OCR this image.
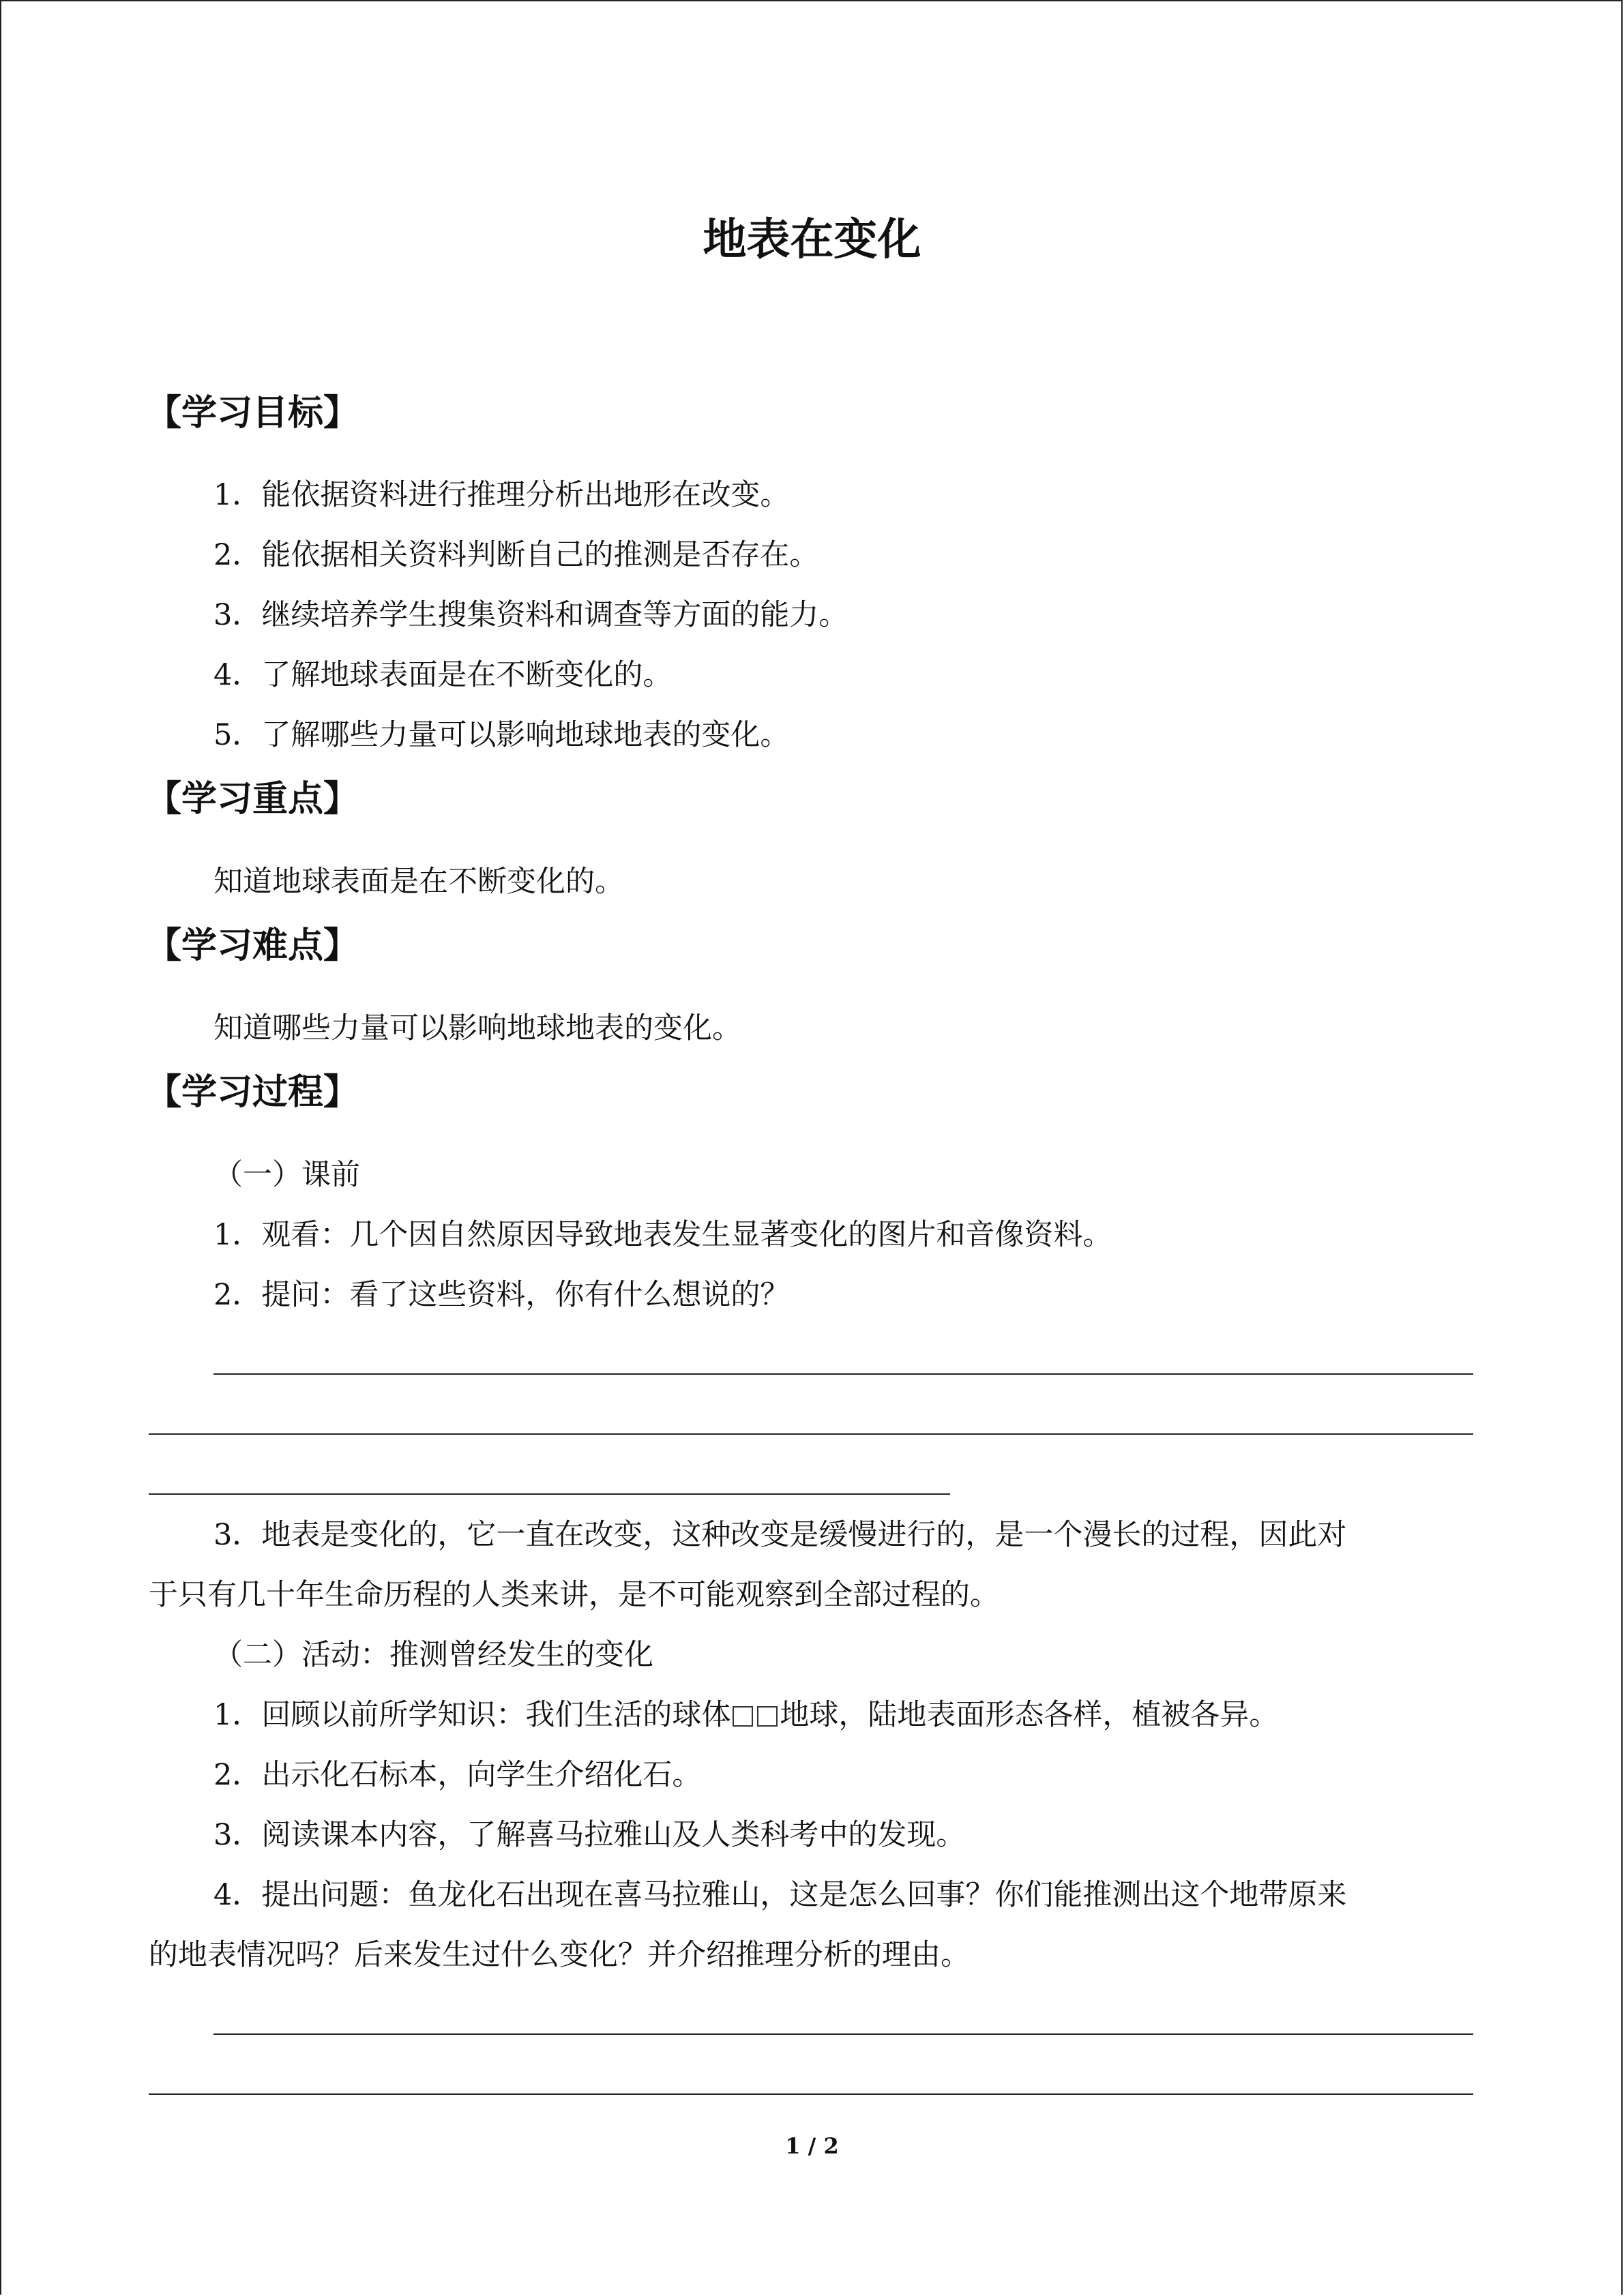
地表在变化
【学习目标】
1．能依据资料进行推理分析出地形在改变。
2．能依据相关资料判断自己的推测是否存在。
3．继续培养学生搜集资料和调查等方面的能力。
4．了解地球表面是在不断变化的。
5．了解哪些力量可以影响地球地表的变化。
【学习重点】
知道地球表面是在不断变化的。
【学习难点】
知道哪些力量可以影响地球地表的变化。
【学习过程】
（一）课前
1．观看：几个因自然原因导致地表发生显著变化的图片和音像资料。
2．提问：看了这些资料，你有什么想说的？
3．地表是变化的，它一直在改变，这种改变是缓慢进行的，是一个漫长的过程，因此对
于只有几十年生命历程的人类来讲，是不可能观察到全部过程的。
（二）活动：推测曾经发生的变化
1．回顾以前所学知识：我们生活的球体 地球，陆地表面形态各样，植被各异。
2．出示化石标本，向学生介绍化石。
3．阅读课本内容，了解喜马拉雅山及人类科考中的发现。
4．提出问题：鱼龙化石出现在喜马拉雅山，这是怎么回事？你们能推测出这个地带原来
的地表情况吗？后来发生过什么变化？并介绍推理分析的理由。
1 / 2
